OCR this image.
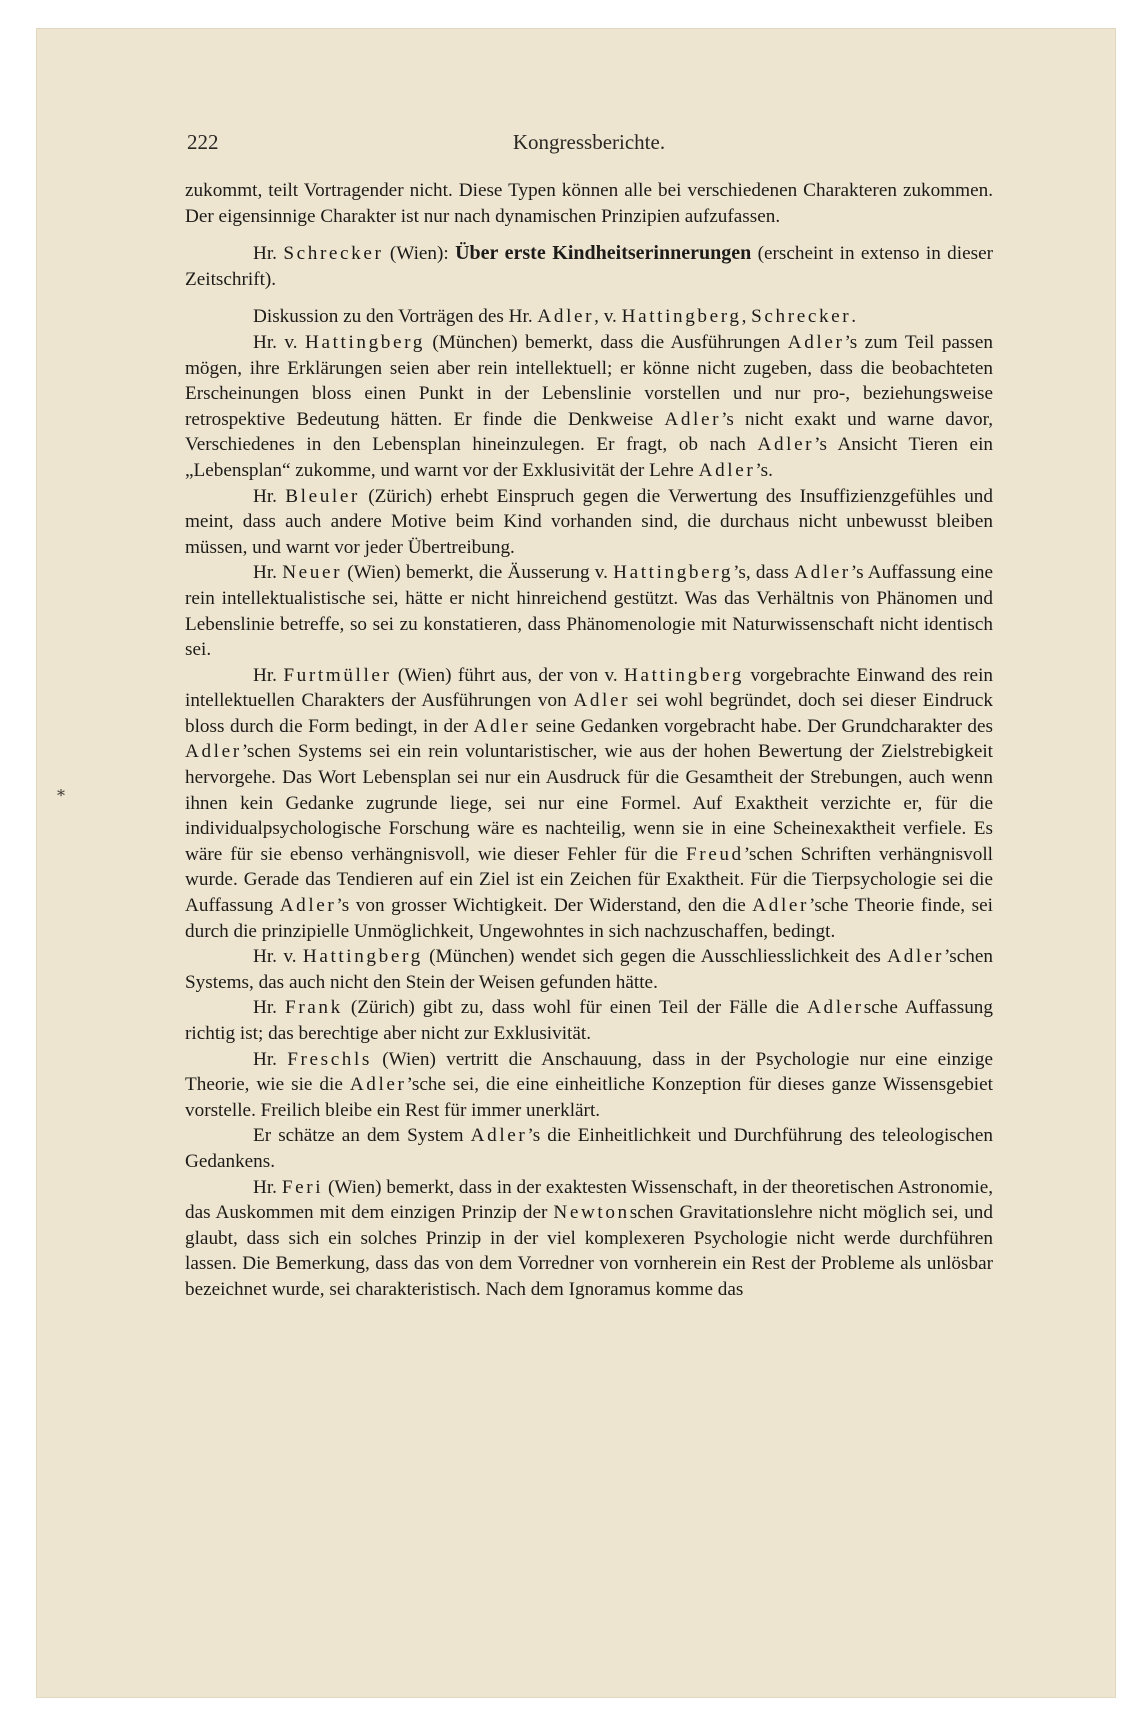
*
222	Kongressberichte.

zukommt, teilt Vortragender nicht. Diese Typen können alle bei verschiedenen Charakteren zukommen. Der eigensinnige Charakter ist nur nach dynamischen Prinzipien aufzufassen.

Hr. Schrecker (Wien): Über erste Kindheitserinnerungen (erscheint in extenso in dieser Zeitschrift).

Diskussion zu den Vorträgen des Hr. Adler, v. Hattingberg, Schrecker.

Hr. v. Hattingberg (München) bemerkt, dass die Ausführungen Adler’s zum Teil passen mögen, ihre Erklärungen seien aber rein intellektuell; er könne nicht zugeben, dass die beobachteten Erscheinungen bloss einen Punkt in der Lebenslinie vorstellen und nur pro-, beziehungsweise retrospektive Bedeutung hätten. Er finde die Denkweise Adler’s nicht exakt und warne davor, Verschiedenes in den Lebensplan hineinzulegen. Er fragt, ob nach Adler’s Ansicht Tieren ein „Lebensplan“ zukomme, und warnt vor der Exklusivität der Lehre Adler’s.

Hr. Bleuler (Zürich) erhebt Einspruch gegen die Verwertung des Insuffizienzgefühles und meint, dass auch andere Motive beim Kind vorhanden sind, die durchaus nicht unbewusst bleiben müssen, und warnt vor jeder Übertreibung.

Hr. Neuer (Wien) bemerkt, die Äusserung v. Hattingberg’s, dass Adler’s Auffassung eine rein intellektualistische sei, hätte er nicht hinreichend gestützt. Was das Verhältnis von Phänomen und Lebenslinie betreffe, so sei zu konstatieren, dass Phänomenologie mit Naturwissenschaft nicht identisch sei.

Hr. Furtmüller (Wien) führt aus, der von v. Hattingberg vorgebrachte Einwand des rein intellektuellen Charakters der Ausführungen von Adler sei wohl begründet, doch sei dieser Eindruck bloss durch die Form bedingt, in der Adler seine Gedanken vorgebracht habe. Der Grundcharakter des Adler’schen Systems sei ein rein voluntaristischer, wie aus der hohen Bewertung der Zielstrebigkeit hervorgehe. Das Wort Lebensplan sei nur ein Ausdruck für die Gesamtheit der Strebungen, auch wenn ihnen kein Gedanke zugrunde liege, sei nur eine Formel. Auf Exaktheit verzichte er, für die individualpsychologische Forschung wäre es nachteilig, wenn sie in eine Scheinexaktheit verfiele. Es wäre für sie ebenso verhängnisvoll, wie dieser Fehler für die Freud’schen Schriften verhängnisvoll wurde. Gerade das Tendieren auf ein Ziel ist ein Zeichen für Exaktheit. Für die Tierpsychologie sei die Auffassung Adler’s von grosser Wichtigkeit. Der Widerstand, den die Adler’sche Theorie finde, sei durch die prinzipielle Unmöglichkeit, Ungewohntes in sich nachzuschaffen, bedingt.

Hr. v. Hattingberg (München) wendet sich gegen die Ausschliesslichkeit des Adler’schen Systems, das auch nicht den Stein der Weisen gefunden hätte.

Hr. Frank (Zürich) gibt zu, dass wohl für einen Teil der Fälle die Adlersche Auffassung richtig ist; das berechtige aber nicht zur Exklusivität.

Hr. Freschls (Wien) vertritt die Anschauung, dass in der Psychologie nur eine einzige Theorie, wie sie die Adler’sche sei, die eine einheitliche Konzeption für dieses ganze Wissensgebiet vorstelle. Freilich bleibe ein Rest für immer unerklärt.

Er schätze an dem System Adler’s die Einheitlichkeit und Durchführung des teleologischen Gedankens.

Hr. Feri (Wien) bemerkt, dass in der exaktesten Wissenschaft, in der theoretischen Astronomie, das Auskommen mit dem einzigen Prinzip der Newtonschen Gravitationslehre nicht möglich sei, und glaubt, dass sich ein solches Prinzip in der viel komplexeren Psychologie nicht werde durchführen lassen. Die Bemerkung, dass das von dem Vorredner von vornherein ein Rest der Probleme als unlösbar bezeichnet wurde, sei charakteristisch. Nach dem Ignoramus komme das
